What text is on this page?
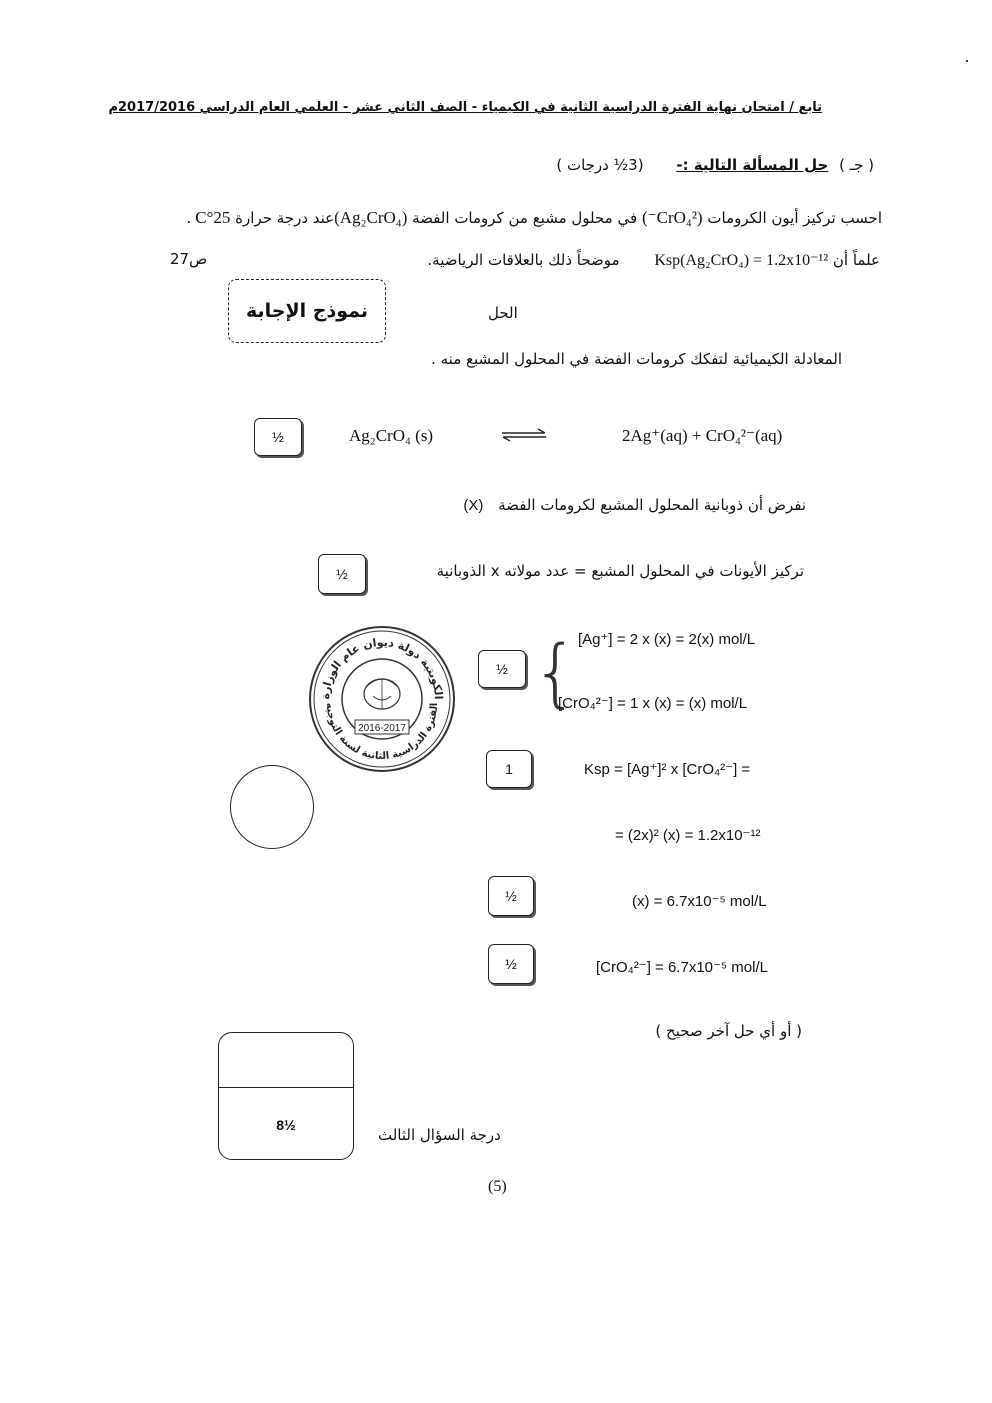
تابع / امتحان نهاية الفترة الدراسية الثانية في الكيمياء - الصف الثاني عشر - العلمي العام الدراسي 2017/2016م
( جـ ) حل المسألة التالية :- (3½ درجات )
احسب تركيز أيون الكرومات (CrO₄²⁻) في محلول مشبع من كرومات الفضة (Ag₂CrO₄)عند درجة حرارة 25°C .
علماً أن Ksp(Ag₂CrO₄) = 1.2x10⁻¹² موضحاً ذلك بالعلاقات الرياضية.
ص27
نموذج الإجابة	الحل
المعادلة الكيميائية لتفكك كرومات الفضة في المحلول المشبع منه .
½	Ag₂CrO₄ (s)	2Ag⁺(aq) + CrO₄²⁻(aq)
نفرض أن ذوبانية المحلول المشبع لكرومات الفضة (X)
½	تركيز الأيونات في المحلول المشبع = عدد مولاته x الذوبانية
الكويتية دولة ديوان عام الوزارة
الفترة الدراسية الثانية لسنة التوجيه
2016-2017
½ {
[Ag⁺] = 2 x (x) = 2(x) mol/L
[CrO₄²⁻] = 1 x (x) = (x) mol/L
1	Ksp = [Ag⁺]² x [CrO₄²⁻] =
= (2x)² (x) = 1.2x10⁻¹²
½	(x) = 6.7x10⁻⁵ mol/L
½	[CrO₄²⁻] = 6.7x10⁻⁵ mol/L
( أو أي حل آخر صحيح )
8½
درجة السؤال الثالث
(5)
